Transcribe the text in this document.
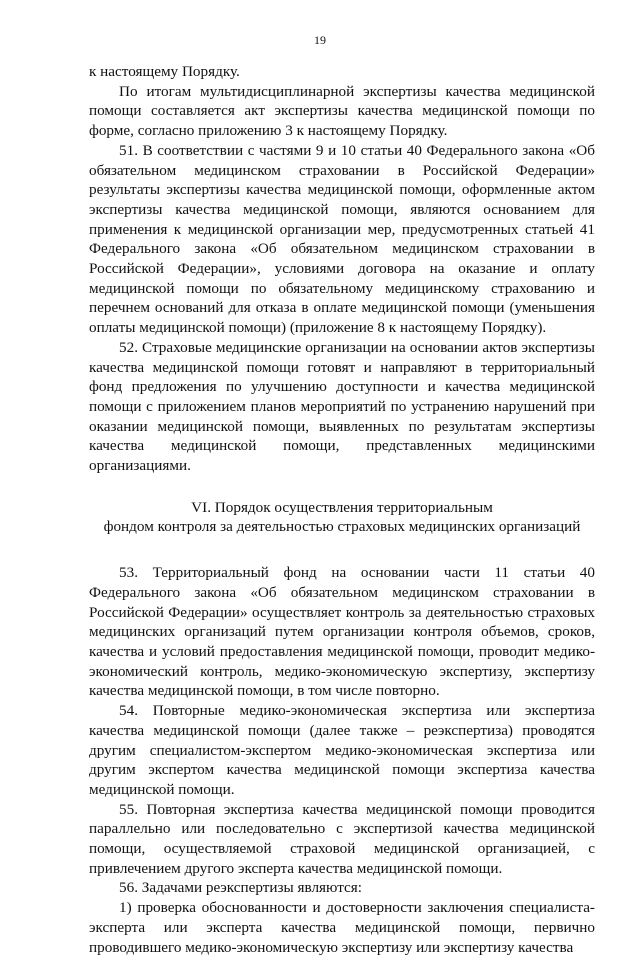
19

к настоящему Порядку.

По итогам мультидисциплинарной экспертизы качества медицинской помощи составляется акт экспертизы качества медицинской помощи по форме, согласно приложению 3 к настоящему Порядку.

51. В соответствии с частями 9 и 10 статьи 40 Федерального закона «Об обязательном медицинском страховании в Российской Федерации» результаты экспертизы качества медицинской помощи, оформленные актом экспертизы качества медицинской помощи, являются основанием для применения к медицинской организации мер, предусмотренных статьей 41 Федерального закона «Об обязательном медицинском страховании в Российской Федерации», условиями договора на оказание и оплату медицинской помощи по обязательному медицинскому страхованию и перечнем оснований для отказа в оплате медицинской помощи (уменьшения оплаты медицинской помощи) (приложение 8 к настоящему Порядку).

52. Страховые медицинские организации на основании актов экспертизы качества медицинской помощи готовят и направляют в территориальный фонд предложения по улучшению доступности и качества медицинской помощи с приложением планов мероприятий по устранению нарушений при оказании медицинской помощи, выявленных по результатам экспертизы качества медицинской помощи, представленных медицинскими организациями.

VI. Порядок осуществления территориальным
фондом контроля за деятельностью страховых медицинских организаций

53. Территориальный фонд на основании части 11 статьи 40 Федерального закона «Об обязательном медицинском страховании в Российской Федерации» осуществляет контроль за деятельностью страховых медицинских организаций путем организации контроля объемов, сроков, качества и условий предоставления медицинской помощи, проводит медико-экономический контроль, медико-экономическую экспертизу, экспертизу качества медицинской помощи, в том числе повторно.

54. Повторные медико-экономическая экспертиза или экспертиза качества медицинской помощи (далее также – реэкспертиза) проводятся другим специалистом-экспертом медико-экономическая экспертиза или другим экспертом качества медицинской помощи экспертиза качества медицинской помощи.

55. Повторная экспертиза качества медицинской помощи проводится параллельно или последовательно с экспертизой качества медицинской помощи, осуществляемой страховой медицинской организацией, с привлечением другого эксперта качества медицинской помощи.

56. Задачами реэкспертизы являются:

1) проверка обоснованности и достоверности заключения специалиста-эксперта или эксперта качества медицинской помощи, первично проводившего медико-экономическую экспертизу или экспертизу качества
